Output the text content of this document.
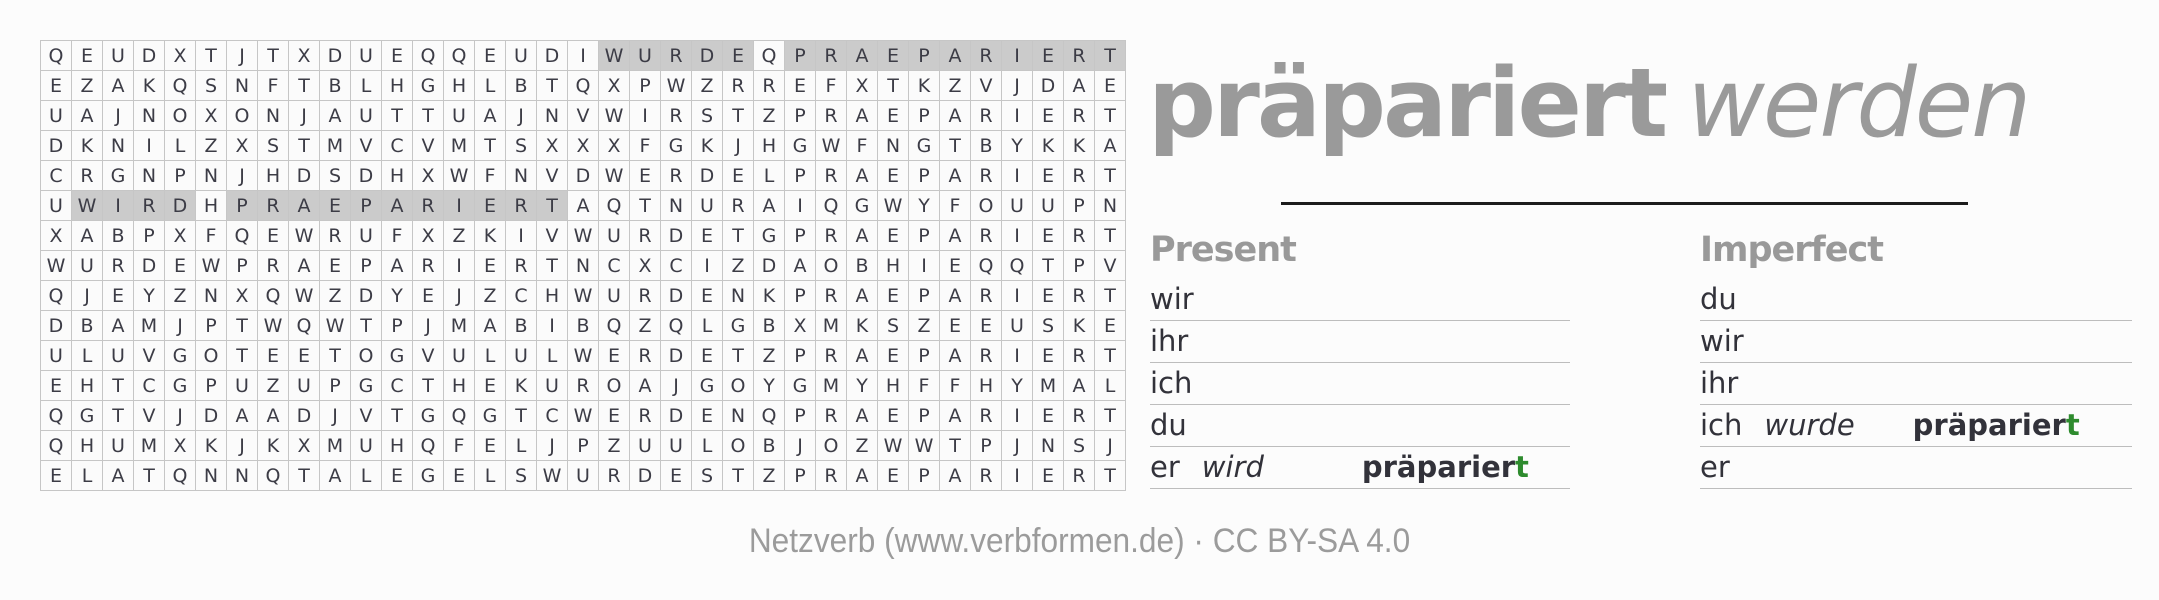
Q	E	U	D	X	T	J	T	X	D	U	E	Q	Q	E	U	D	I	W	U	R	D	E	Q	P	R	A	E	P	A	R	I	E	R	T
E	Z	A	K	Q	S	N	F	T	B	L	H	G	H	L	B	T	Q	X	P	W	Z	R	R	E	F	X	T	K	Z	V	J	D	A	E
U	A	J	N	O	X	O	N	J	A	U	T	T	U	A	J	N	V	W	I	R	S	T	Z	P	R	A	E	P	A	R	I	E	R	T
D	K	N	I	L	Z	X	S	T	M	V	C	V	M	T	S	X	X	X	F	G	K	J	H	G	W	F	N	G	T	B	Y	K	K	A
C	R	G	N	P	N	J	H	D	S	D	H	X	W	F	N	V	D	W	E	R	D	E	L	P	R	A	E	P	A	R	I	E	R	T
U	W	I	R	D	H	P	R	A	E	P	A	R	I	E	R	T	A	Q	T	N	U	R	A	I	Q	G	W	Y	F	O	U	U	P	N
X	A	B	P	X	F	Q	E	W	R	U	F	X	Z	K	I	V	W	U	R	D	E	T	G	P	R	A	E	P	A	R	I	E	R	T
W	U	R	D	E	W	P	R	A	E	P	A	R	I	E	R	T	N	C	X	C	I	Z	D	A	O	B	H	I	E	Q	Q	T	P	V
Q	J	E	Y	Z	N	X	Q	W	Z	D	Y	E	J	Z	C	H	W	U	R	D	E	N	K	P	R	A	E	P	A	R	I	E	R	T
D	B	A	M	J	P	T	W	Q	W	T	P	J	M	A	B	I	B	Q	Z	Q	L	G	B	X	M	K	S	Z	E	E	U	S	K	E
U	L	U	V	G	O	T	E	E	T	O	G	V	U	L	U	L	W	E	R	D	E	T	Z	P	R	A	E	P	A	R	I	E	R	T
E	H	T	C	G	P	U	Z	U	P	G	C	T	H	E	K	U	R	O	A	J	G	O	Y	G	M	Y	H	F	F	H	Y	M	A	L
Q	G	T	V	J	D	A	A	D	J	V	T	G	Q	G	T	C	W	E	R	D	E	N	Q	P	R	A	E	P	A	R	I	E	R	T
Q	H	U	M	X	K	J	K	X	M	U	H	Q	F	E	L	J	P	Z	U	U	L	O	B	J	O	Z	W	W	T	P	J	N	S	J
E	L	A	T	Q	N	N	Q	T	A	L	E	G	E	L	S	W	U	R	D	E	S	T	Z	P	R	A	E	P	A	R	I	E	R	T
präpariert werden
Present
wir
ihr
ich
du
er wird	präpariert
Imperfect
du
wir
ihr
ich wurde präpariert
er
Netzverb (www.verbformen.de) · CC BY-SA 4.0
